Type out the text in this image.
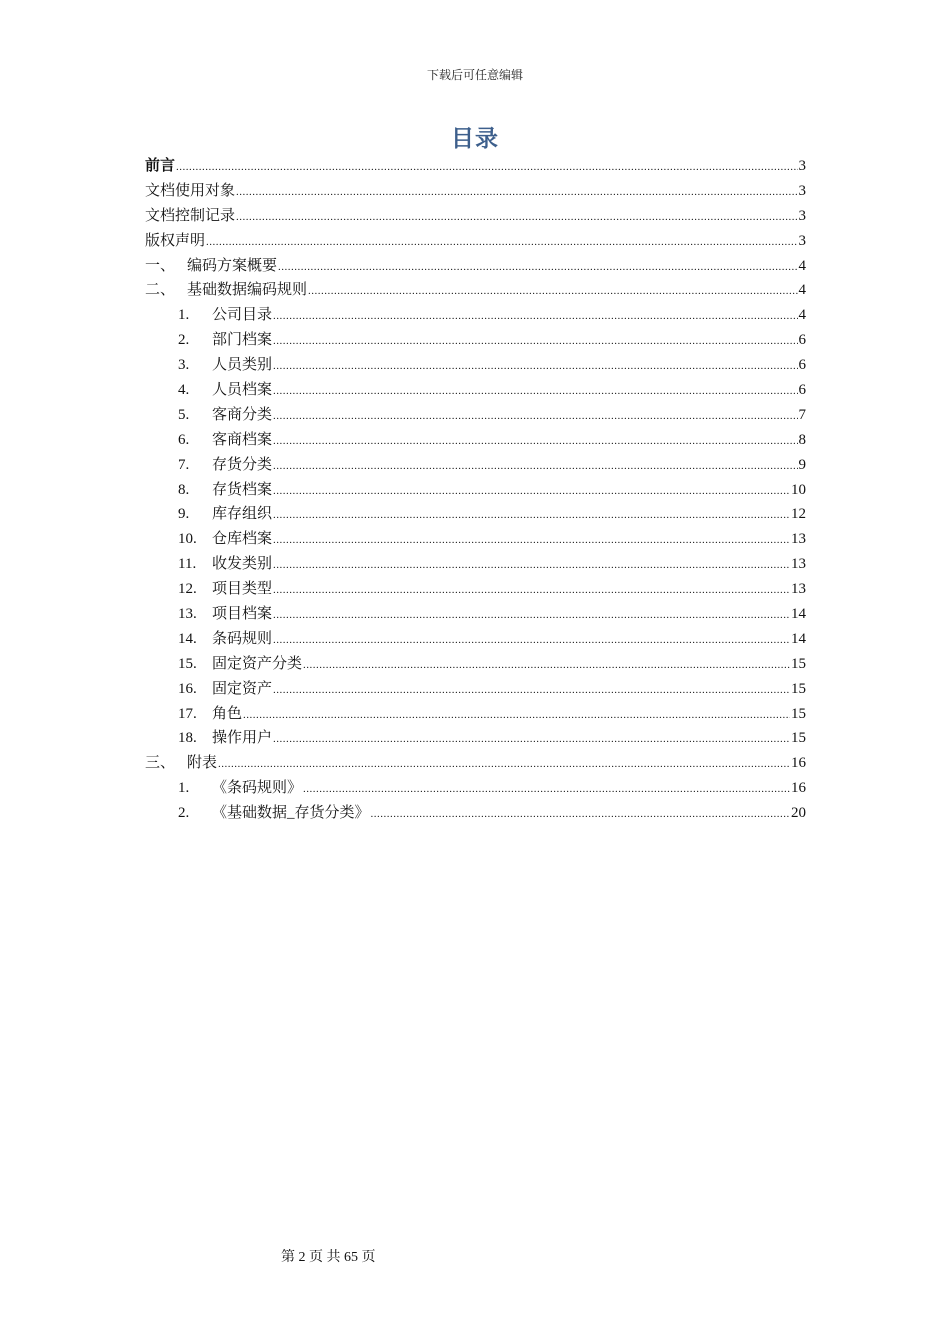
下载后可任意编辑
目录
前言 .....	3
文档使用对象 .....	3
文档控制记录 .....	3
版权声明 .....	3
一、 编码方案概要 .....	4
二、 基础数据编码规则 .....	4
1.	公司目录 .....	4
2.	部门档案 .....	6
3.	人员类别 .....	6
4.	人员档案 .....	6
5.	客商分类 .....	7
6.	客商档案 .....	8
7.	存货分类 .....	9
8.	存货档案 .....	10
9.	库存组织 .....	12
10.	仓库档案 .....	13
11.	收发类别 .....	13
12.	项目类型 .....	13
13.	项目档案 .....	14
14.	条码规则 .....	14
15.	固定资产分类 .....	15
16.	固定资产 .....	15
17.	角色 .....	15
18.	操作用户 .....	15
三、 附表 .....	16
1.	《条码规则》 .....	16
2.	《基础数据_存货分类》 .....	20
第 2 页 共 65 页
